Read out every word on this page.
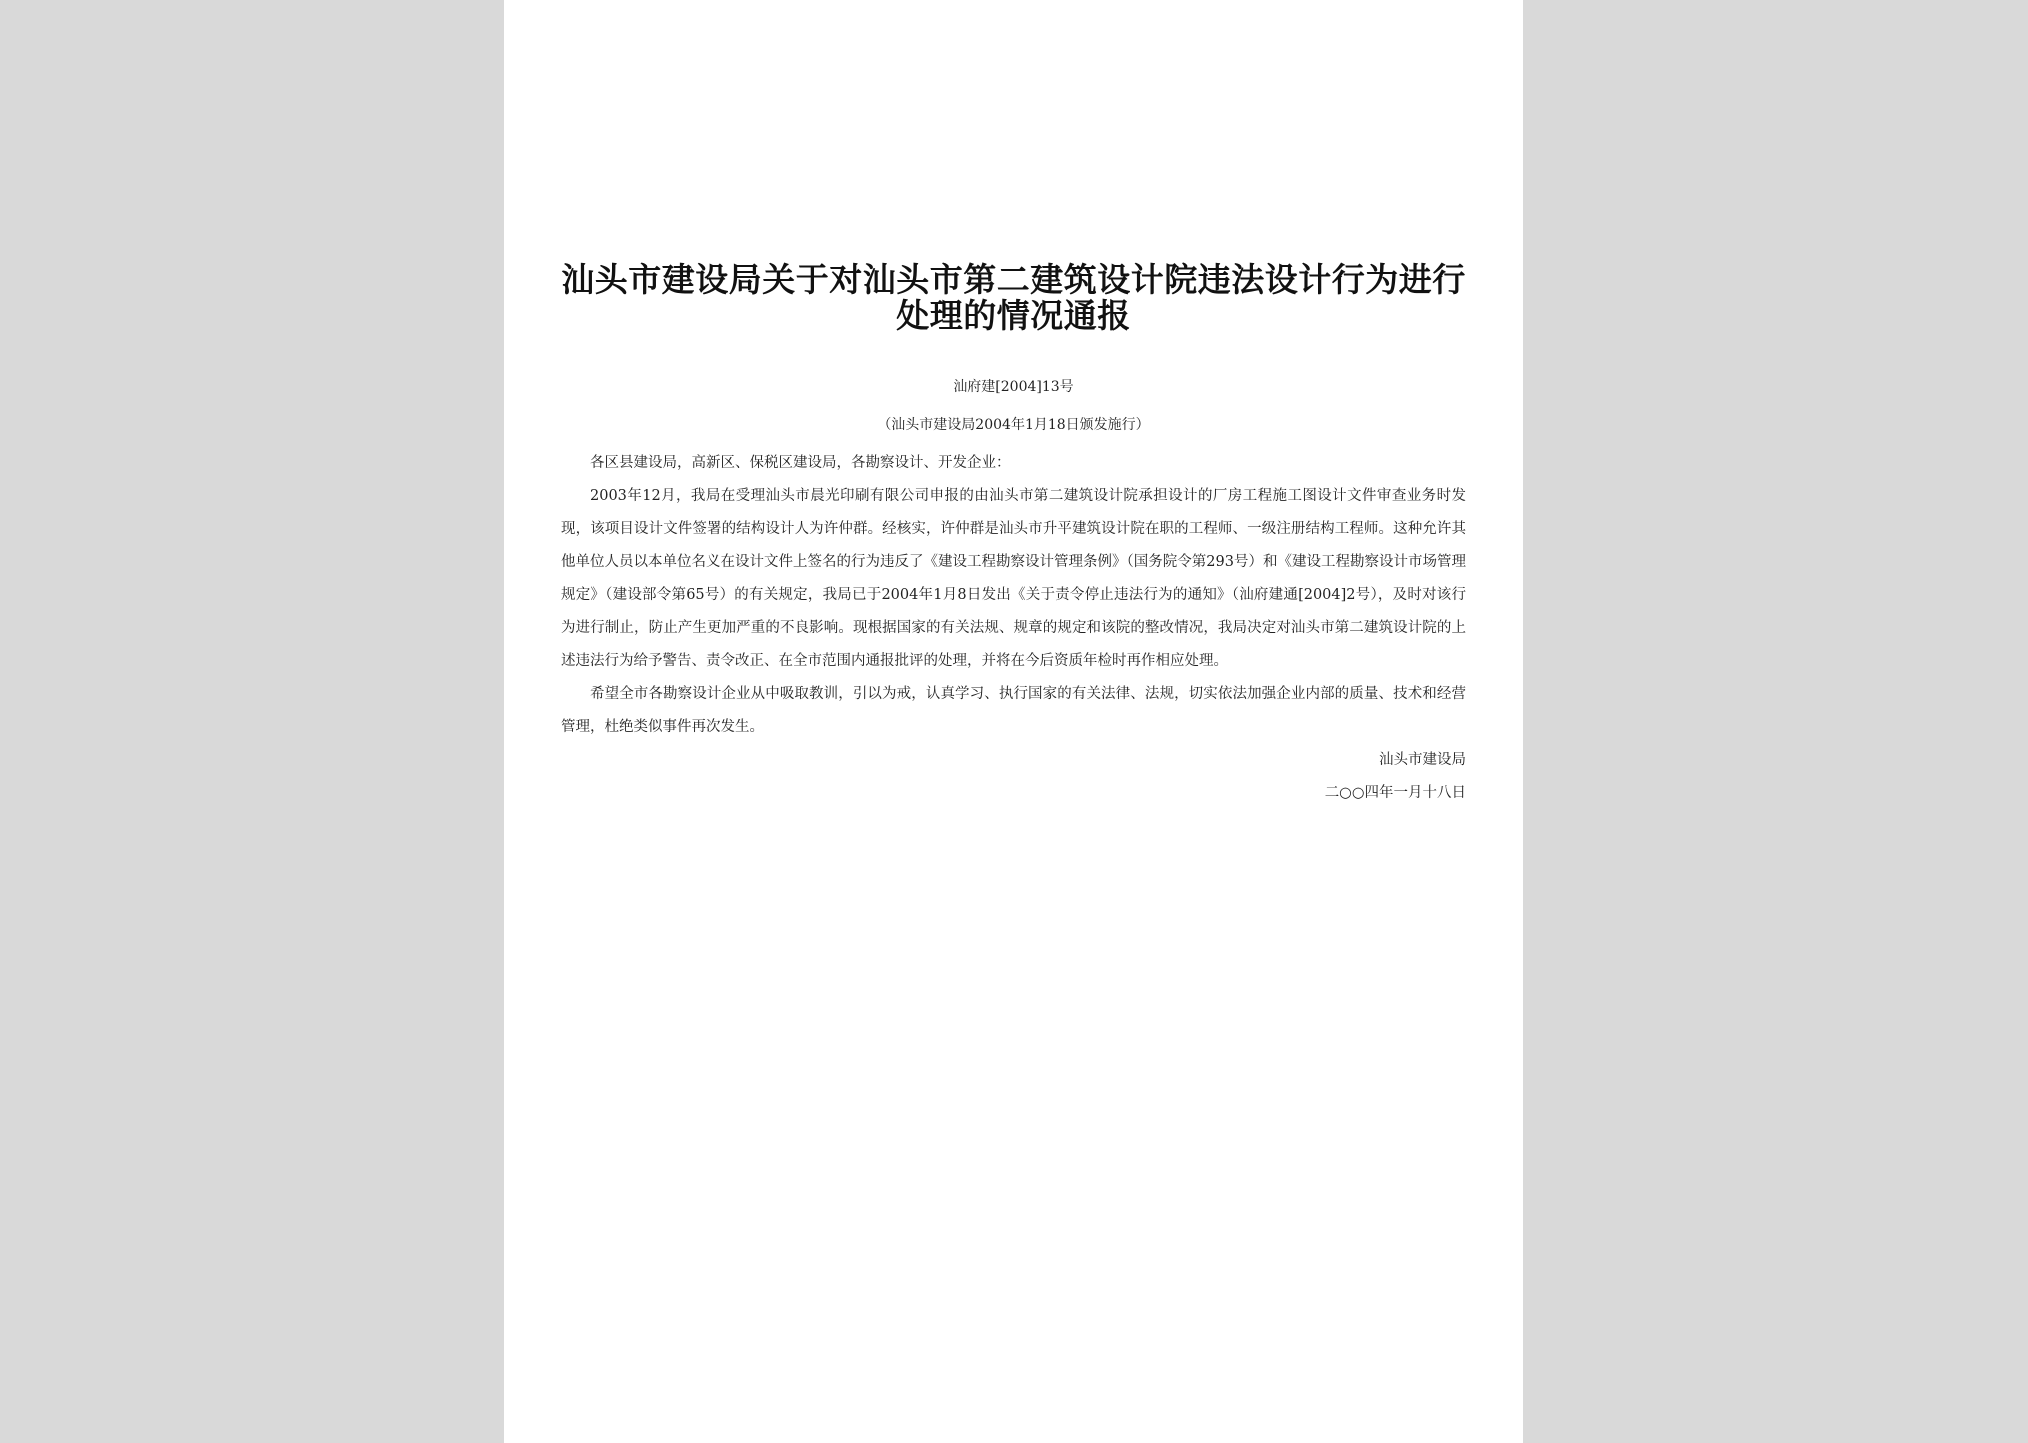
汕头市建设局关于对汕头市第二建筑设计院违法设计行为进行处理的情况通报

汕府建[2004]13号

（汕头市建设局2004年1月18日颁发施行）

各区县建设局，高新区、保税区建设局，各勘察设计、开发企业：

2003年12月，我局在受理汕头市晨光印刷有限公司申报的由汕头市第二建筑设计院承担设计的厂房工程施工图设计文件审查业务时发现，该项目设计文件签署的结构设计人为许仲群。经核实，许仲群是汕头市升平建筑设计院在职的工程师、一级注册结构工程师。这种允许其他单位人员以本单位名义在设计文件上签名的行为违反了《建设工程勘察设计管理条例》（国务院令第293号）和《建设工程勘察设计市场管理规定》（建设部令第65号）的有关规定，我局已于2004年1月8日发出《关于责令停止违法行为的通知》（汕府建通[2004]2号），及时对该行为进行制止，防止产生更加严重的不良影响。现根据国家的有关法规、规章的规定和该院的整改情况，我局决定对汕头市第二建筑设计院的上述违法行为给予警告、责令改正、在全市范围内通报批评的处理，并将在今后资质年检时再作相应处理。

希望全市各勘察设计企业从中吸取教训，引以为戒，认真学习、执行国家的有关法律、法规，切实依法加强企业内部的质量、技术和经营管理，杜绝类似事件再次发生。

汕头市建设局

二○○四年一月十八日
